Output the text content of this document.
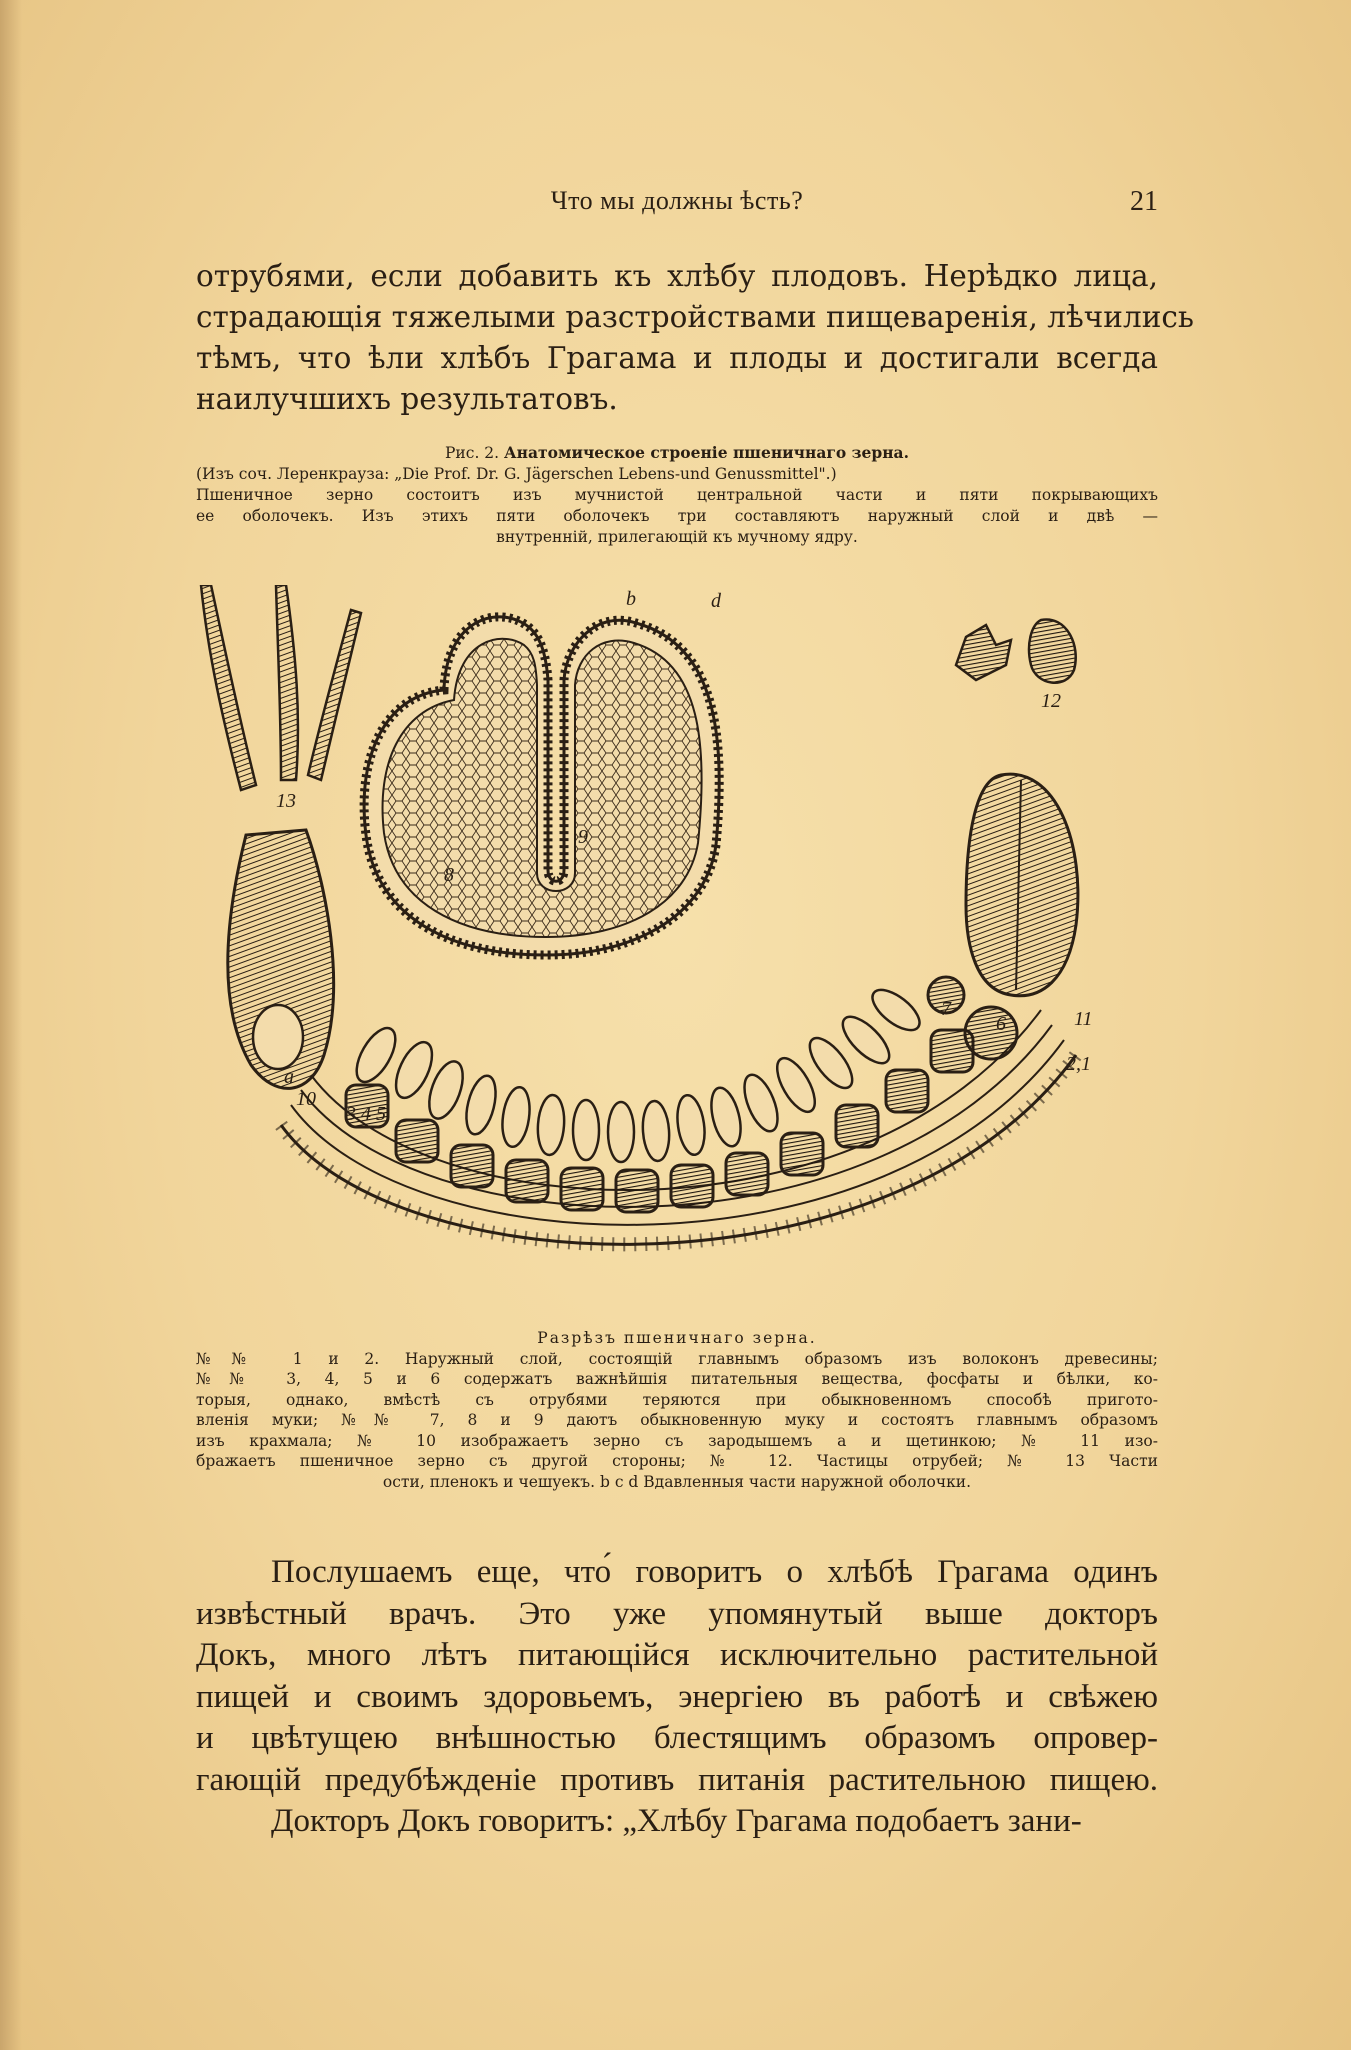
Что мы должны ѣсть?	21
отрубями, если добавить къ хлѣбу плодовъ. Нерѣдко лица,
страдающія тяжелыми разстройствами пищеваренія, лѣчились
тѣмъ, что ѣли хлѣбъ Грагама и плоды и достигали всегда
наилучшихъ результатовъ.
Рис. 2. Анатомическое строеніе пшеничнаго зерна.
(Изъ соч. Леренкрауза: „Die Prof. Dr. G. Jägerschen Lebens-und Genussmittel".)
Пшеничное зерно состоитъ изъ мучнистой центральной части и пяти покрывающихъ
ее оболочекъ. Изъ этихъ пяти оболочекъ три составляютъ наружный слой и двѣ —
внутренній, прилегающій къ мучному ядру.
b	d
8
9
7
6
2,1
3 4 5
10
11
12
13
a
Разрѣзъ пшеничнаго зерна.
№№ 1 и 2. Наружный слой, состоящій главнымъ образомъ изъ волоконъ древесины;
№№ 3, 4, 5 и 6 содержатъ важнѣйшія питательныя вещества, фосфаты и бѣлки, ко-
торыя, однако, вмѣстѣ съ отрубями теряются при обыкновенномъ способѣ пригото-
вленія муки; №№ 7, 8 и 9 даютъ обыкновенную муку и состоятъ главнымъ образомъ
изъ крахмала; № 10 изображаетъ зерно съ зародышемъ a и щетинкою; № 11 изо-
бражаетъ пшеничное зерно съ другой стороны; № 12. Частицы отрубей; № 13 Части
ости, пленокъ и чешуекъ. b c d Вдавленныя части наружной оболочки.
Послушаемъ еще, что́ говоритъ о хлѣбѣ Грагама одинъ
извѣстный врачъ. Это уже упомянутый выше докторъ
Докъ, много лѣтъ питающійся исключительно растительной
пищей и своимъ здоровьемъ, энергіею въ работѣ и свѣжею
и цвѣтущею внѣшностью блестящимъ образомъ опровер-
гающій предубѣжденіе противъ питанія растительною пищею.
Докторъ Докъ говоритъ: „Хлѣбу Грагама подобаетъ зани-
